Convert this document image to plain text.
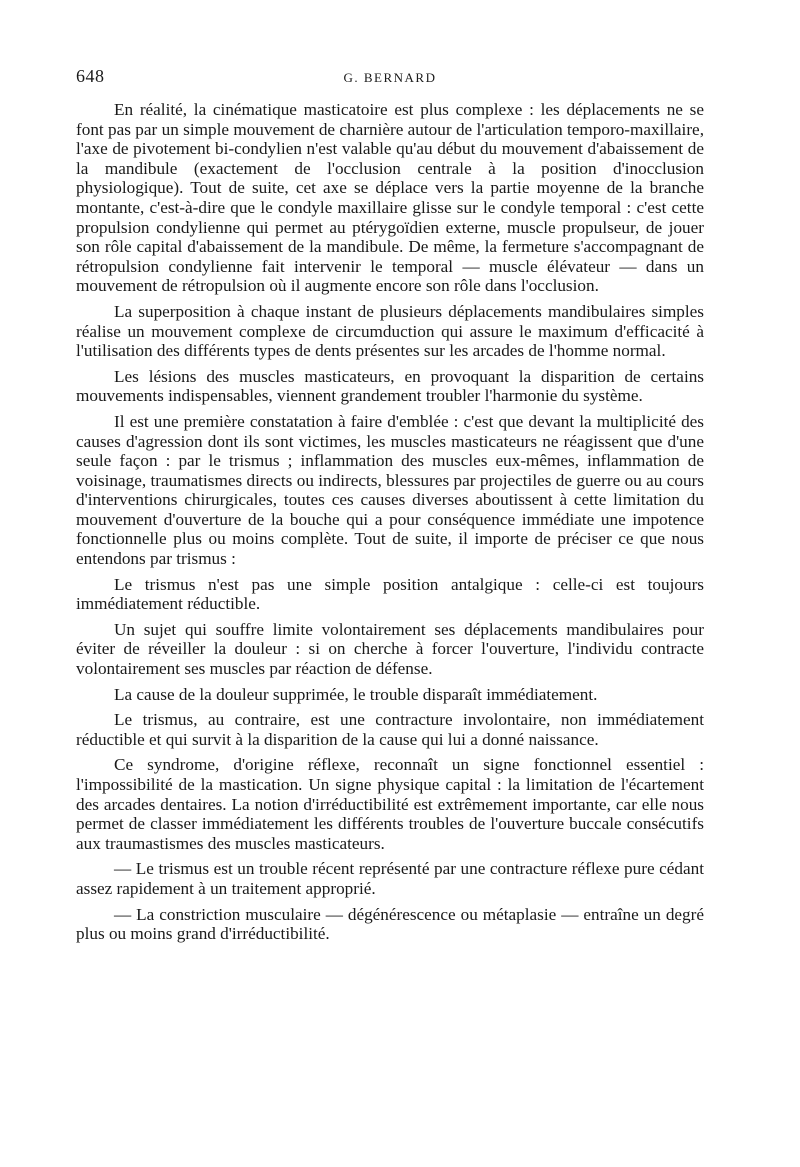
648	G. BERNARD

En réalité, la cinématique masticatoire est plus complexe : les déplacements ne se font pas par un simple mouvement de charnière autour de l'articulation temporo-maxillaire, l'axe de pivotement bi-condylien n'est valable qu'au début du mouvement d'abaissement de la mandibule (exactement de l'occlusion centrale à la position d'inocclusion physiologique). Tout de suite, cet axe se déplace vers la partie moyenne de la branche montante, c'est-à-dire que le condyle maxillaire glisse sur le condyle temporal : c'est cette propulsion condylienne qui permet au ptérygoïdien externe, muscle propulseur, de jouer son rôle capital d'abaissement de la mandibule. De même, la fermeture s'accompagnant de rétropulsion condylienne fait intervenir le temporal — muscle élévateur — dans un mouvement de rétropulsion où il augmente encore son rôle dans l'occlusion.

La superposition à chaque instant de plusieurs déplacements mandibulaires simples réalise un mouvement complexe de circumduction qui assure le maximum d'efficacité à l'utilisation des différents types de dents présentes sur les arcades de l'homme normal.

Les lésions des muscles masticateurs, en provoquant la disparition de certains mouvements indispensables, viennent grandement troubler l'harmonie du système.

Il est une première constatation à faire d'emblée : c'est que devant la multiplicité des causes d'agression dont ils sont victimes, les muscles masticateurs ne réagissent que d'une seule façon : par le trismus ; inflammation des muscles eux-mêmes, inflammation de voisinage, traumatismes directs ou indirects, blessures par projectiles de guerre ou au cours d'interventions chirurgicales, toutes ces causes diverses aboutissent à cette limitation du mouvement d'ouverture de la bouche qui a pour conséquence immédiate une impotence fonctionnelle plus ou moins complète. Tout de suite, il importe de préciser ce que nous entendons par trismus :

Le trismus n'est pas une simple position antalgique : celle-ci est toujours immédiatement réductible.

Un sujet qui souffre limite volontairement ses déplacements mandibulaires pour éviter de réveiller la douleur : si on cherche à forcer l'ouverture, l'individu contracte volontairement ses muscles par réaction de défense.

La cause de la douleur supprimée, le trouble disparaît immédiatement.

Le trismus, au contraire, est une contracture involontaire, non immédiatement réductible et qui survit à la disparition de la cause qui lui a donné naissance.

Ce syndrome, d'origine réflexe, reconnaît un signe fonctionnel essentiel : l'impossibilité de la mastication. Un signe physique capital : la limitation de l'écartement des arcades dentaires. La notion d'irréductibilité est extrêmement importante, car elle nous permet de classer immédiatement les différents troubles de l'ouverture buccale consécutifs aux traumastismes des muscles masticateurs.

— Le trismus est un trouble récent représenté par une contracture réflexe pure cédant assez rapidement à un traitement approprié.

— La constriction musculaire — dégénérescence ou métaplasie — entraîne un degré plus ou moins grand d'irréductibilité.
